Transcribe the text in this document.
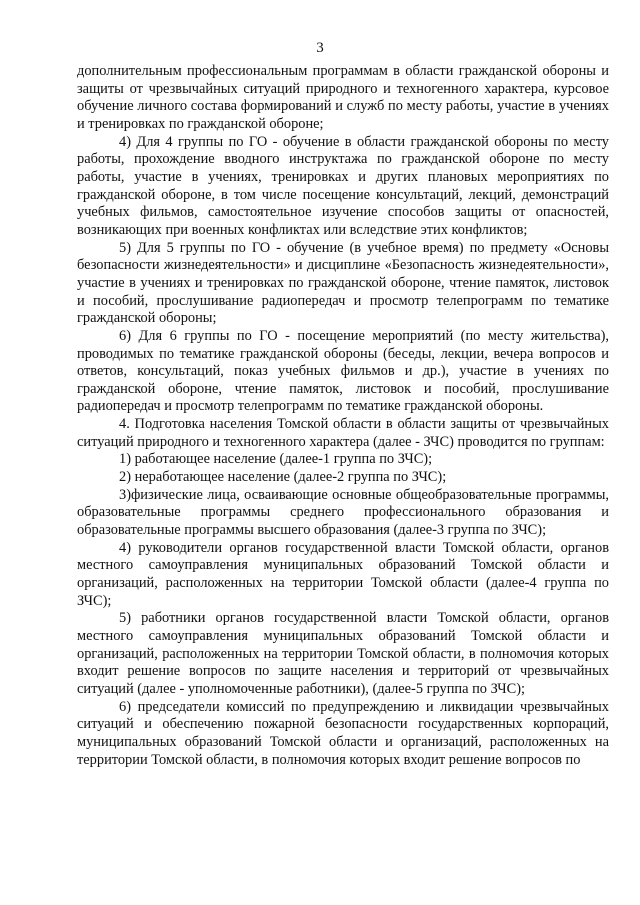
3

дополнительным профессиональным программам в области гражданской обороны и защиты от чрезвычайных ситуаций природного и техногенного характера, курсовое обучение личного состава формирований и служб по месту работы, участие в учениях и тренировках по гражданской обороне;

4) Для 4 группы по ГО - обучение в области гражданской обороны по месту работы, прохождение вводного инструктажа по гражданской обороне по месту работы, участие в учениях, тренировках и других плановых мероприятиях по гражданской обороне, в том числе посещение консультаций, лекций, демонстраций учебных фильмов, самостоятельное изучение способов защиты от опасностей, возникающих при военных конфликтах или вследствие этих конфликтов;

5) Для 5 группы по ГО - обучение (в учебное время) по предмету «Основы безопасности жизнедеятельности» и дисциплине «Безопасность жизнедеятельности», участие в учениях и тренировках по гражданской обороне, чтение памяток, листовок и пособий, прослушивание радиопередач и просмотр телепрограмм по тематике гражданской обороны;

6) Для 6 группы по ГО - посещение мероприятий (по месту жительства), проводимых по тематике гражданской обороны (беседы, лекции, вечера вопросов и ответов, консультаций, показ учебных фильмов и др.), участие в учениях по гражданской обороне, чтение памяток, листовок и пособий, прослушивание радиопередач и просмотр телепрограмм по тематике гражданской обороны.

4. Подготовка населения Томской области в области защиты от чрезвычайных ситуаций природного и техногенного характера (далее - ЗЧС) проводится по группам:

1) работающее население (далее-1 группа по ЗЧС);

2) неработающее население (далее-2 группа по ЗЧС);

3)физические лица, осваивающие основные общеобразовательные программы, образовательные программы среднего профессионального образования и образовательные программы высшего образования (далее-3 группа по ЗЧС);

4) руководители органов государственной власти Томской области, органов местного самоуправления муниципальных образований Томской области и организаций, расположенных на территории Томской области (далее-4 группа по ЗЧС);

5) работники органов государственной власти Томской области, органов местного самоуправления муниципальных образований Томской области и организаций, расположенных на территории Томской области, в полномочия которых входит решение вопросов по защите населения и территорий от чрезвычайных ситуаций (далее - уполномоченные работники), (далее-5 группа по ЗЧС);

6) председатели комиссий по предупреждению и ликвидации чрезвычайных ситуаций и обеспечению пожарной безопасности государственных корпораций, муниципальных образований Томской области и организаций, расположенных на территории Томской области, в полномочия которых входит решение вопросов по
